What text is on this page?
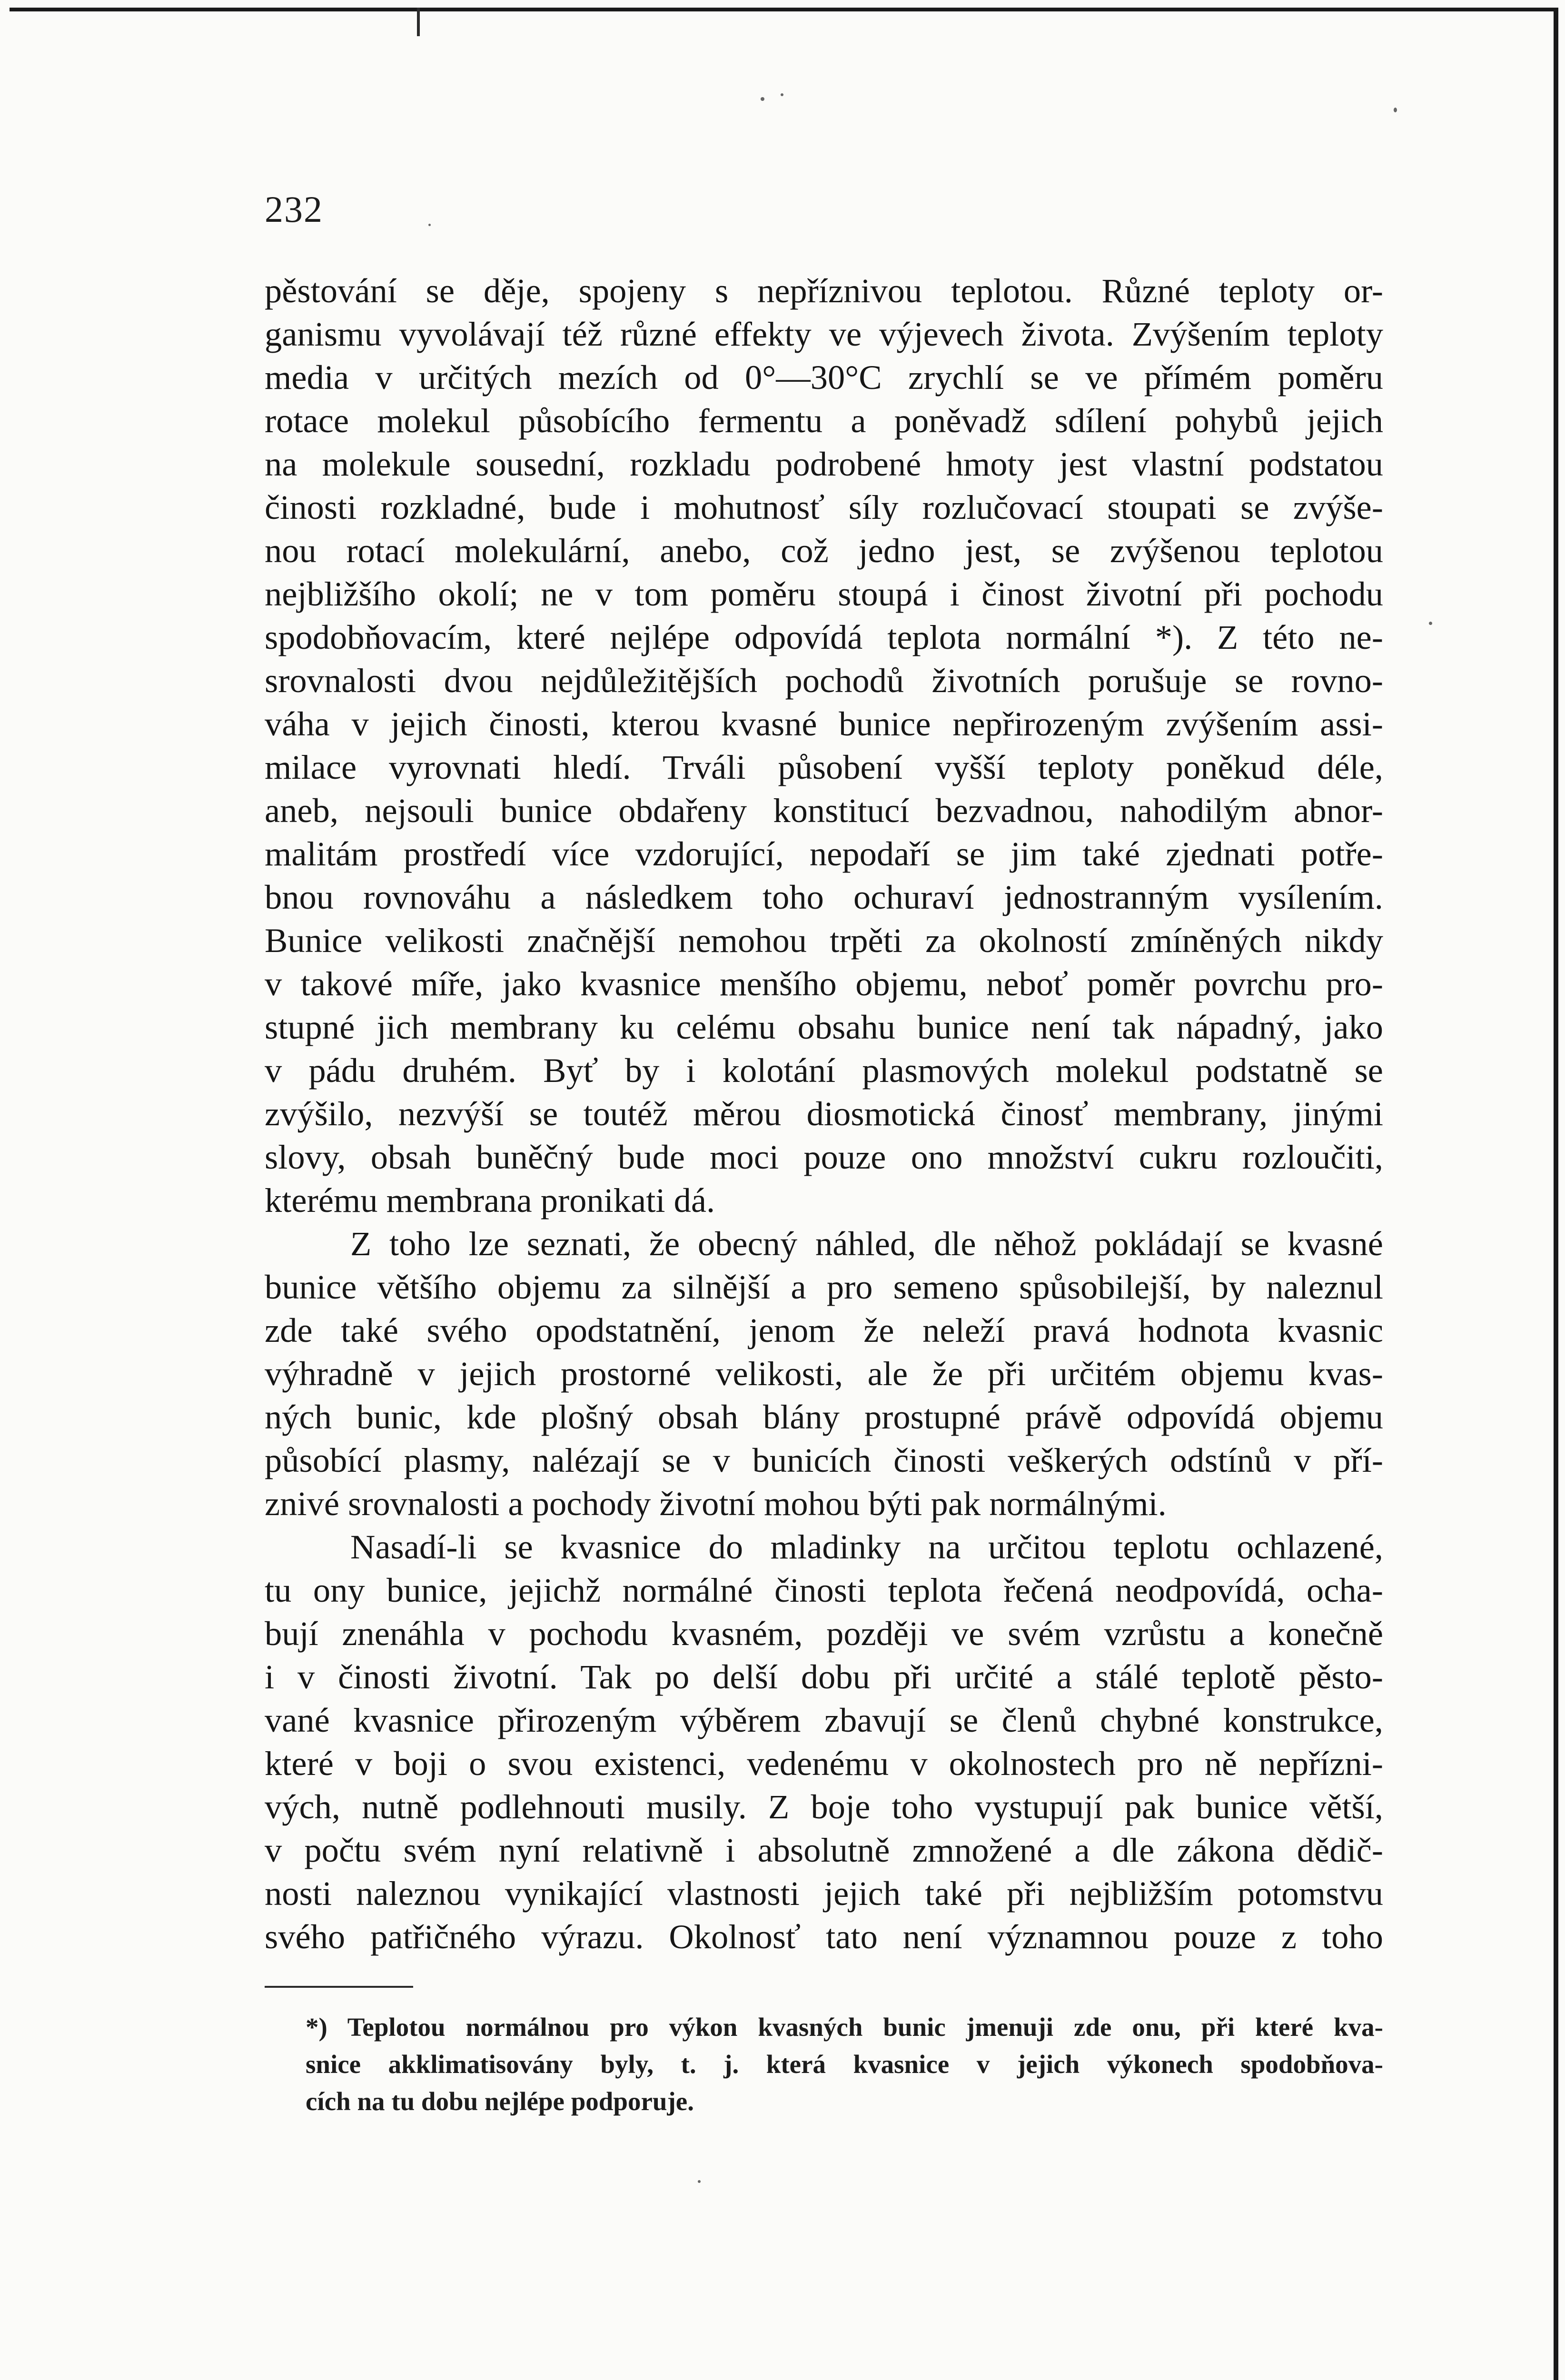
232

pěstování se děje, spojeny s nepříznivou teplotou. Různé teploty or-

ganismu vyvolávají též různé effekty ve výjevech života. Zvýšením teploty

media v určitých mezích od 0°—30°C zrychlí se ve přímém poměru

rotace molekul působícího fermentu a poněvadž sdílení pohybů jejich

na molekule sousední, rozkladu podrobené hmoty jest vlastní podstatou

činosti rozkladné, bude i mohutnosť síly rozlučovací stoupati se zvýše-

nou rotací molekulární, anebo, což jedno jest, se zvýšenou teplotou

nejbližšího okolí; ne v tom poměru stoupá i činost životní při pochodu

spodobňovacím, které nejlépe odpovídá teplota normální *). Z této ne-

srovnalosti dvou nejdůležitějších pochodů životních porušuje se rovno-

váha v jejich činosti, kterou kvasné bunice nepřirozeným zvýšením assi-

milace vyrovnati hledí. Trváli působení vyšší teploty poněkud déle,

aneb, nejsouli bunice obdařeny konstitucí bezvadnou, nahodilým abnor-

malitám prostředí více vzdorující, nepodaří se jim také zjednati potře-

bnou rovnováhu a následkem toho ochuraví jednostranným vysílením.

Bunice velikosti značnější nemohou trpěti za okolností zmíněných nikdy

v takové míře, jako kvasnice menšího objemu, neboť poměr povrchu pro-

stupné jich membrany ku celému obsahu bunice není tak nápadný, jako

v pádu druhém. Byť by i kolotání plasmových molekul podstatně se

zvýšilo, nezvýší se toutéž měrou diosmotická činosť membrany, jinými

slovy, obsah buněčný bude moci pouze ono množství cukru rozloučiti,

kterému membrana pronikati dá.

Z toho lze seznati, že obecný náhled, dle něhož pokládají se kvasné

bunice většího objemu za silnější a pro semeno spůsobilejší, by naleznul

zde také svého opodstatnění, jenom že neleží pravá hodnota kvasnic

výhradně v jejich prostorné velikosti, ale že při určitém objemu kvas-

ných bunic, kde plošný obsah blány prostupné právě odpovídá objemu

působící plasmy, nalézají se v bunicích činosti veškerých odstínů v pří-

znivé srovnalosti a pochody životní mohou býti pak normálnými.

Nasadí-li se kvasnice do mladinky na určitou teplotu ochlazené,

tu ony bunice, jejichž normálné činosti teplota řečená neodpovídá, ocha-

bují znenáhla v pochodu kvasném, později ve svém vzrůstu a konečně

i v činosti životní. Tak po delší dobu při určité a stálé teplotě pěsto-

vané kvasnice přirozeným výběrem zbavují se členů chybné konstrukce,

které v boji o svou existenci, vedenému v okolnostech pro ně nepřízni-

vých, nutně podlehnouti musily. Z boje toho vystupují pak bunice větší,

v počtu svém nyní relativně i absolutně zmnožené a dle zákona dědič-

nosti naleznou vynikající vlastnosti jejich také při nejbližším potomstvu

svého patřičného výrazu. Okolnosť tato není významnou pouze z toho

*) Teplotou normálnou pro výkon kvasných bunic jmenuji zde onu, při které kva-

snice akklimatisovány byly, t. j. která kvasnice v jejich výkonech spodobňova-

cích na tu dobu nejlépe podporuje.
